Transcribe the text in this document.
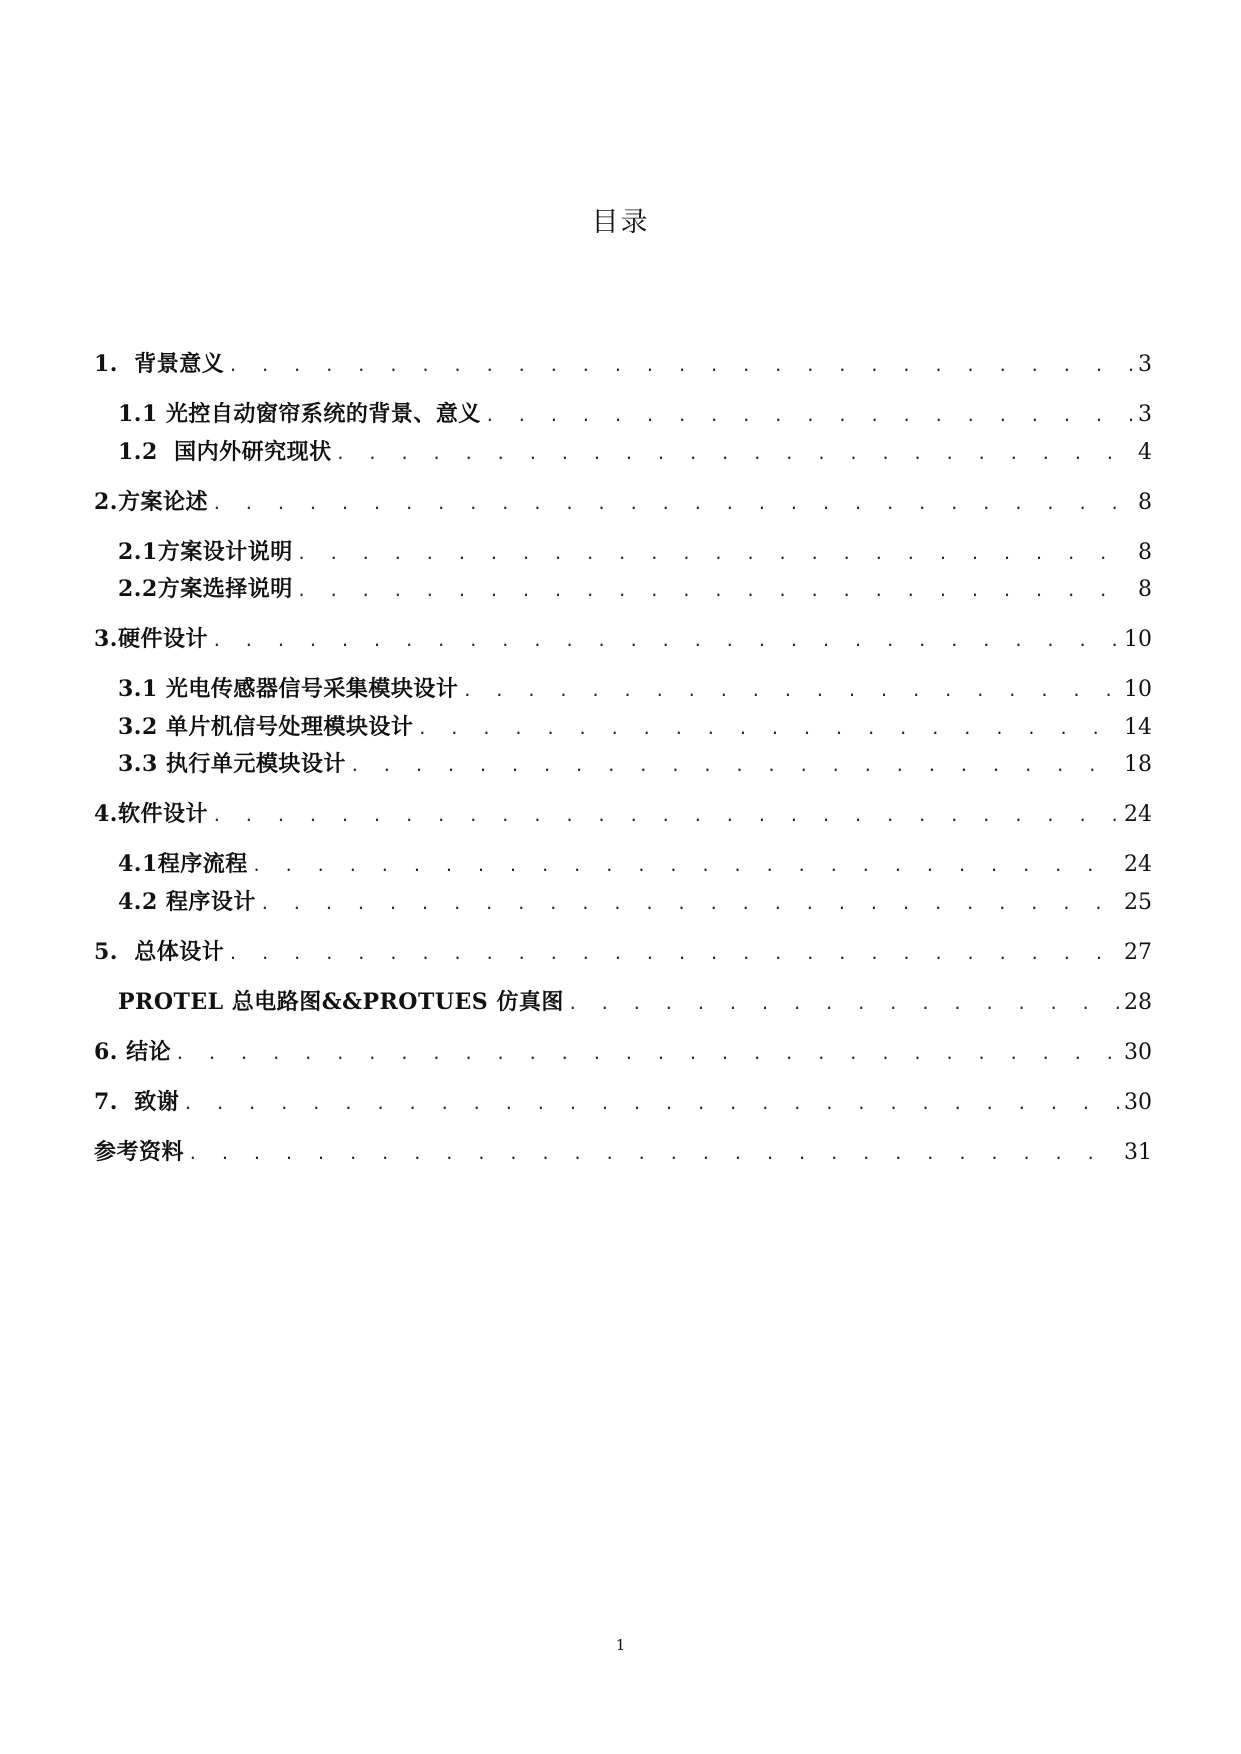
目录
1.  背景意义 . . .	3
1.1 光控自动窗帘系统的背景、意义 . . .	3
1.2  国内外研究现状 . . .	4
2.方案论述 . . .	8
2.1方案设计说明 . . .	8
2.2方案选择说明 . . .	8
3.硬件设计 . . .	10
3.1 光电传感器信号采集模块设计 . . .	10
3.2 单片机信号处理模块设计 . . .	14
3.3 执行单元模块设计 . . .	18
4.软件设计 . . .	24
4.1程序流程 . . .	24
4.2 程序设计 . . .	25
5.  总体设计 . . .	27
PROTEL 总电路图&&PROTUES 仿真图 . . .	28
6. 结论 . . .	30
7.  致谢 . . .	30
参考资料 . . .	31
1
